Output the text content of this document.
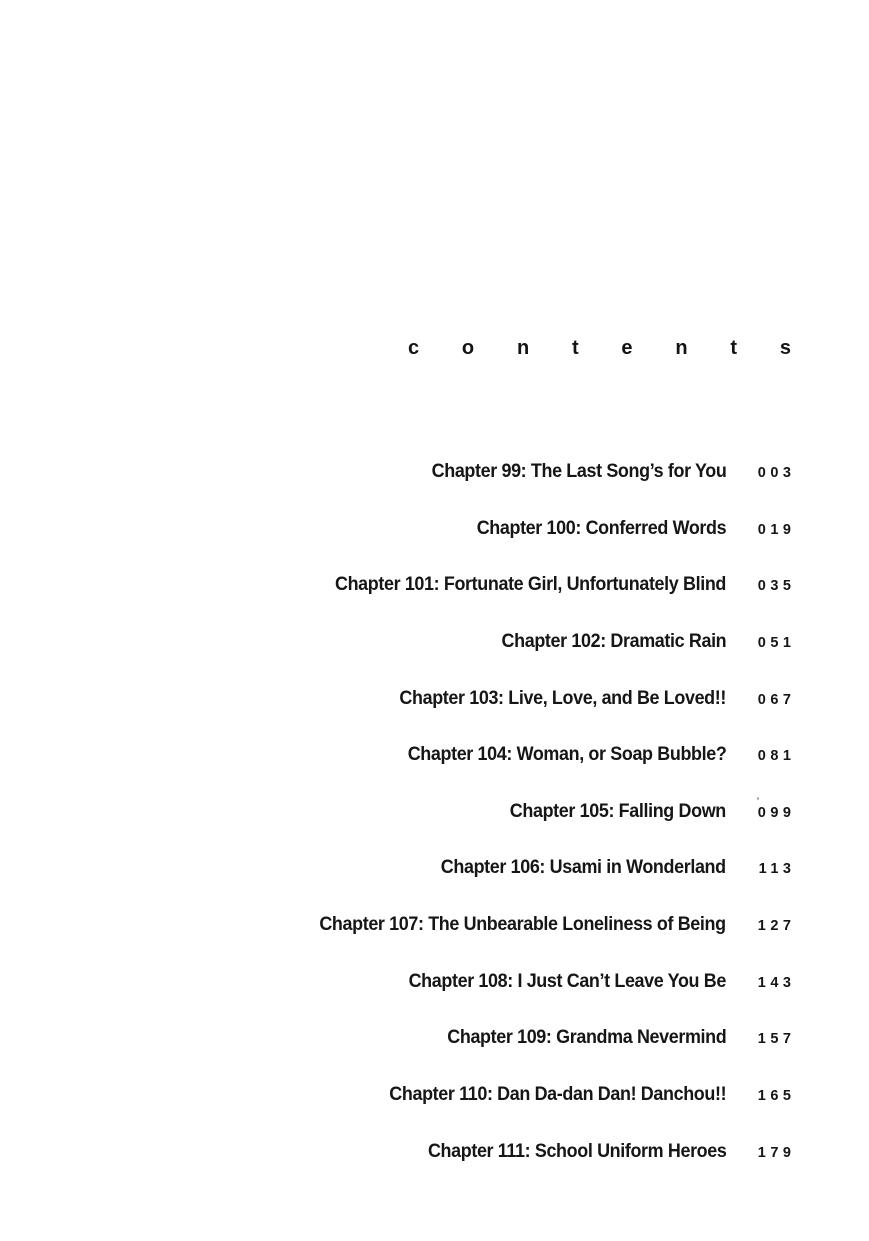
c o n t e n t s
Chapter 99: The Last Song’s for You	003
Chapter 100: Conferred Words	019
Chapter 101: Fortunate Girl, Unfortunately Blind	035
Chapter 102: Dramatic Rain	051
Chapter 103: Live, Love, and Be Loved!!	067
Chapter 104: Woman, or Soap Bubble?	081
Chapter 105: Falling Down	099
Chapter 106: Usami in Wonderland	113
Chapter 107: The Unbearable Loneliness of Being	127
Chapter 108: I Just Can’t Leave You Be	143
Chapter 109: Grandma Nevermind	157
Chapter 110: Dan Da-dan Dan! Danchou!!	165
Chapter 111: School Uniform Heroes	179
